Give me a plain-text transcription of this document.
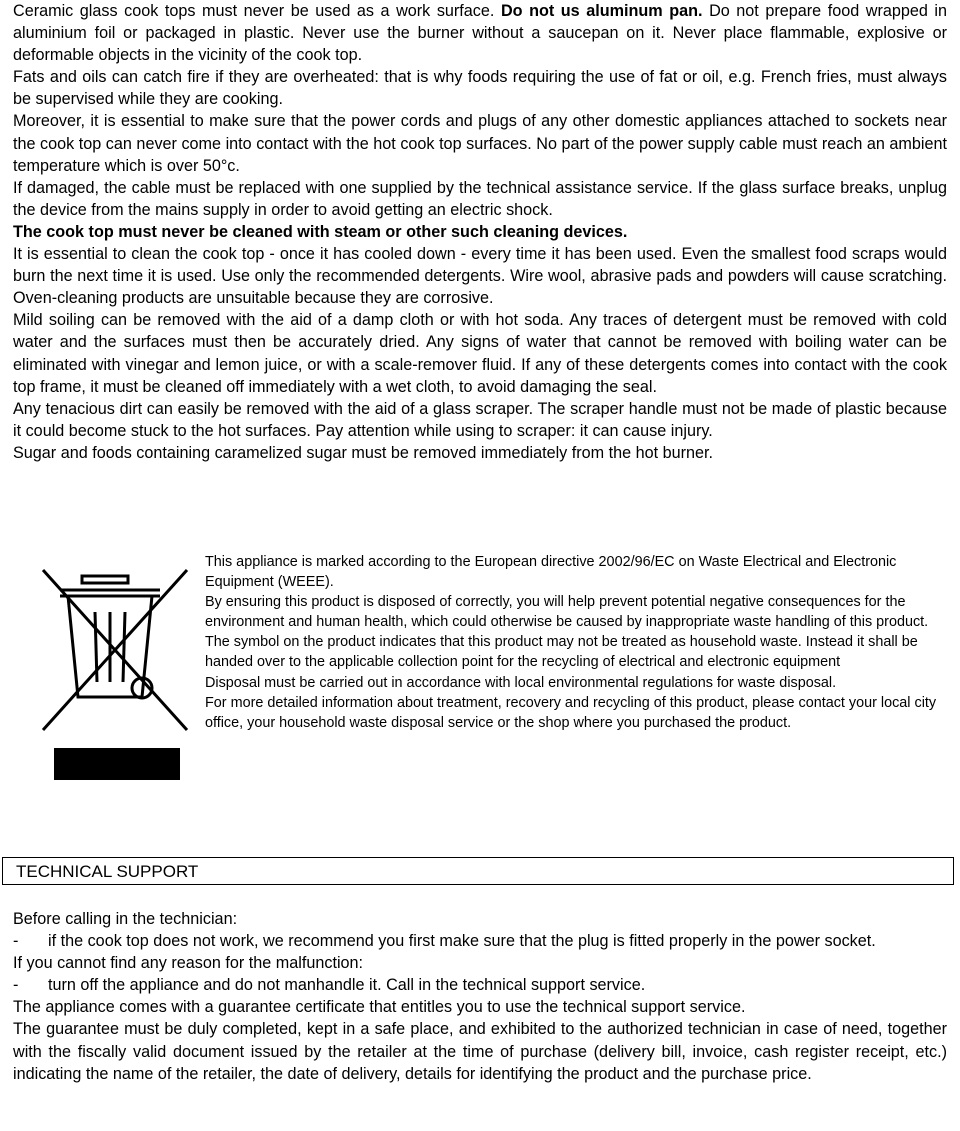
Ceramic glass cook tops must never be used as a work surface. Do not us aluminum pan. Do not prepare food wrapped in aluminium foil or packaged in plastic. Never use the burner without a saucepan on it. Never place flammable, explosive or deformable objects in the vicinity of the cook top.

Fats and oils can catch fire if they are overheated: that is why foods requiring the use of fat or oil, e.g. French fries, must always be supervised while they are cooking.

Moreover, it is essential to make sure that the power cords and plugs of any other domestic appliances attached to sockets near the cook top can never come into contact with the hot cook top surfaces. No part of the power supply cable must reach an ambient temperature which is over 50°c.

If damaged, the cable must be replaced with one supplied by the technical assistance service. If the glass surface breaks, unplug the device from the mains supply in order to avoid getting an electric shock.

The cook top must never be cleaned with steam or other such cleaning devices.

It is essential to clean the cook top - once it has cooled down - every time it has been used. Even the smallest food scraps would burn the next time it is used. Use only the recommended detergents. Wire wool, abrasive pads and powders will cause scratching. Oven-cleaning products are unsuitable because they are corrosive.

Mild soiling can be removed with the aid of a damp cloth or with hot soda. Any traces of detergent must be removed with cold water and the surfaces must then be accurately dried. Any signs of water that cannot be removed with boiling water can be eliminated with vinegar and lemon juice, or with a scale-remover fluid. If any of these detergents comes into contact with the cook top frame, it must be cleaned off immediately with a wet cloth, to avoid damaging the seal.

Any tenacious dirt can easily be removed with the aid of a glass scraper. The scraper handle must not be made of plastic because it could become stuck to the hot surfaces. Pay attention while using to scraper: it can cause injury.

Sugar and foods containing caramelized sugar must be removed immediately from the hot burner.

This appliance is marked according to the European directive 2002/96/EC on Waste Electrical and Electronic Equipment (WEEE).

By ensuring this product is disposed of correctly, you will help prevent potential negative consequences for the environment and human health, which could otherwise be caused by inappropriate waste handling of this product.

The symbol on the product indicates that this product may not be treated as household waste. Instead it shall be handed over to the applicable collection point for the recycling of electrical and electronic equipment

Disposal must be carried out in accordance with local environmental regulations for waste disposal.

For more detailed information about treatment, recovery and recycling of this product, please contact your local city office, your household waste disposal service or the shop where you purchased the product.

TECHNICAL SUPPORT

Before calling in the technician:

-	if the cook top does not work, we recommend you first make sure that the plug is fitted properly in the power socket.

If you cannot find any reason for the malfunction:

-	turn off the appliance and do not manhandle it. Call in the technical support service.

The appliance comes with a guarantee certificate that entitles you to use the technical support service.

The guarantee must be duly completed, kept in a safe place, and exhibited to the authorized technician in case of need, together with the fiscally valid document issued by the retailer at the time of purchase (delivery bill, invoice, cash register receipt, etc.) indicating the name of the retailer, the date of delivery, details for identifying the product and the purchase price.
